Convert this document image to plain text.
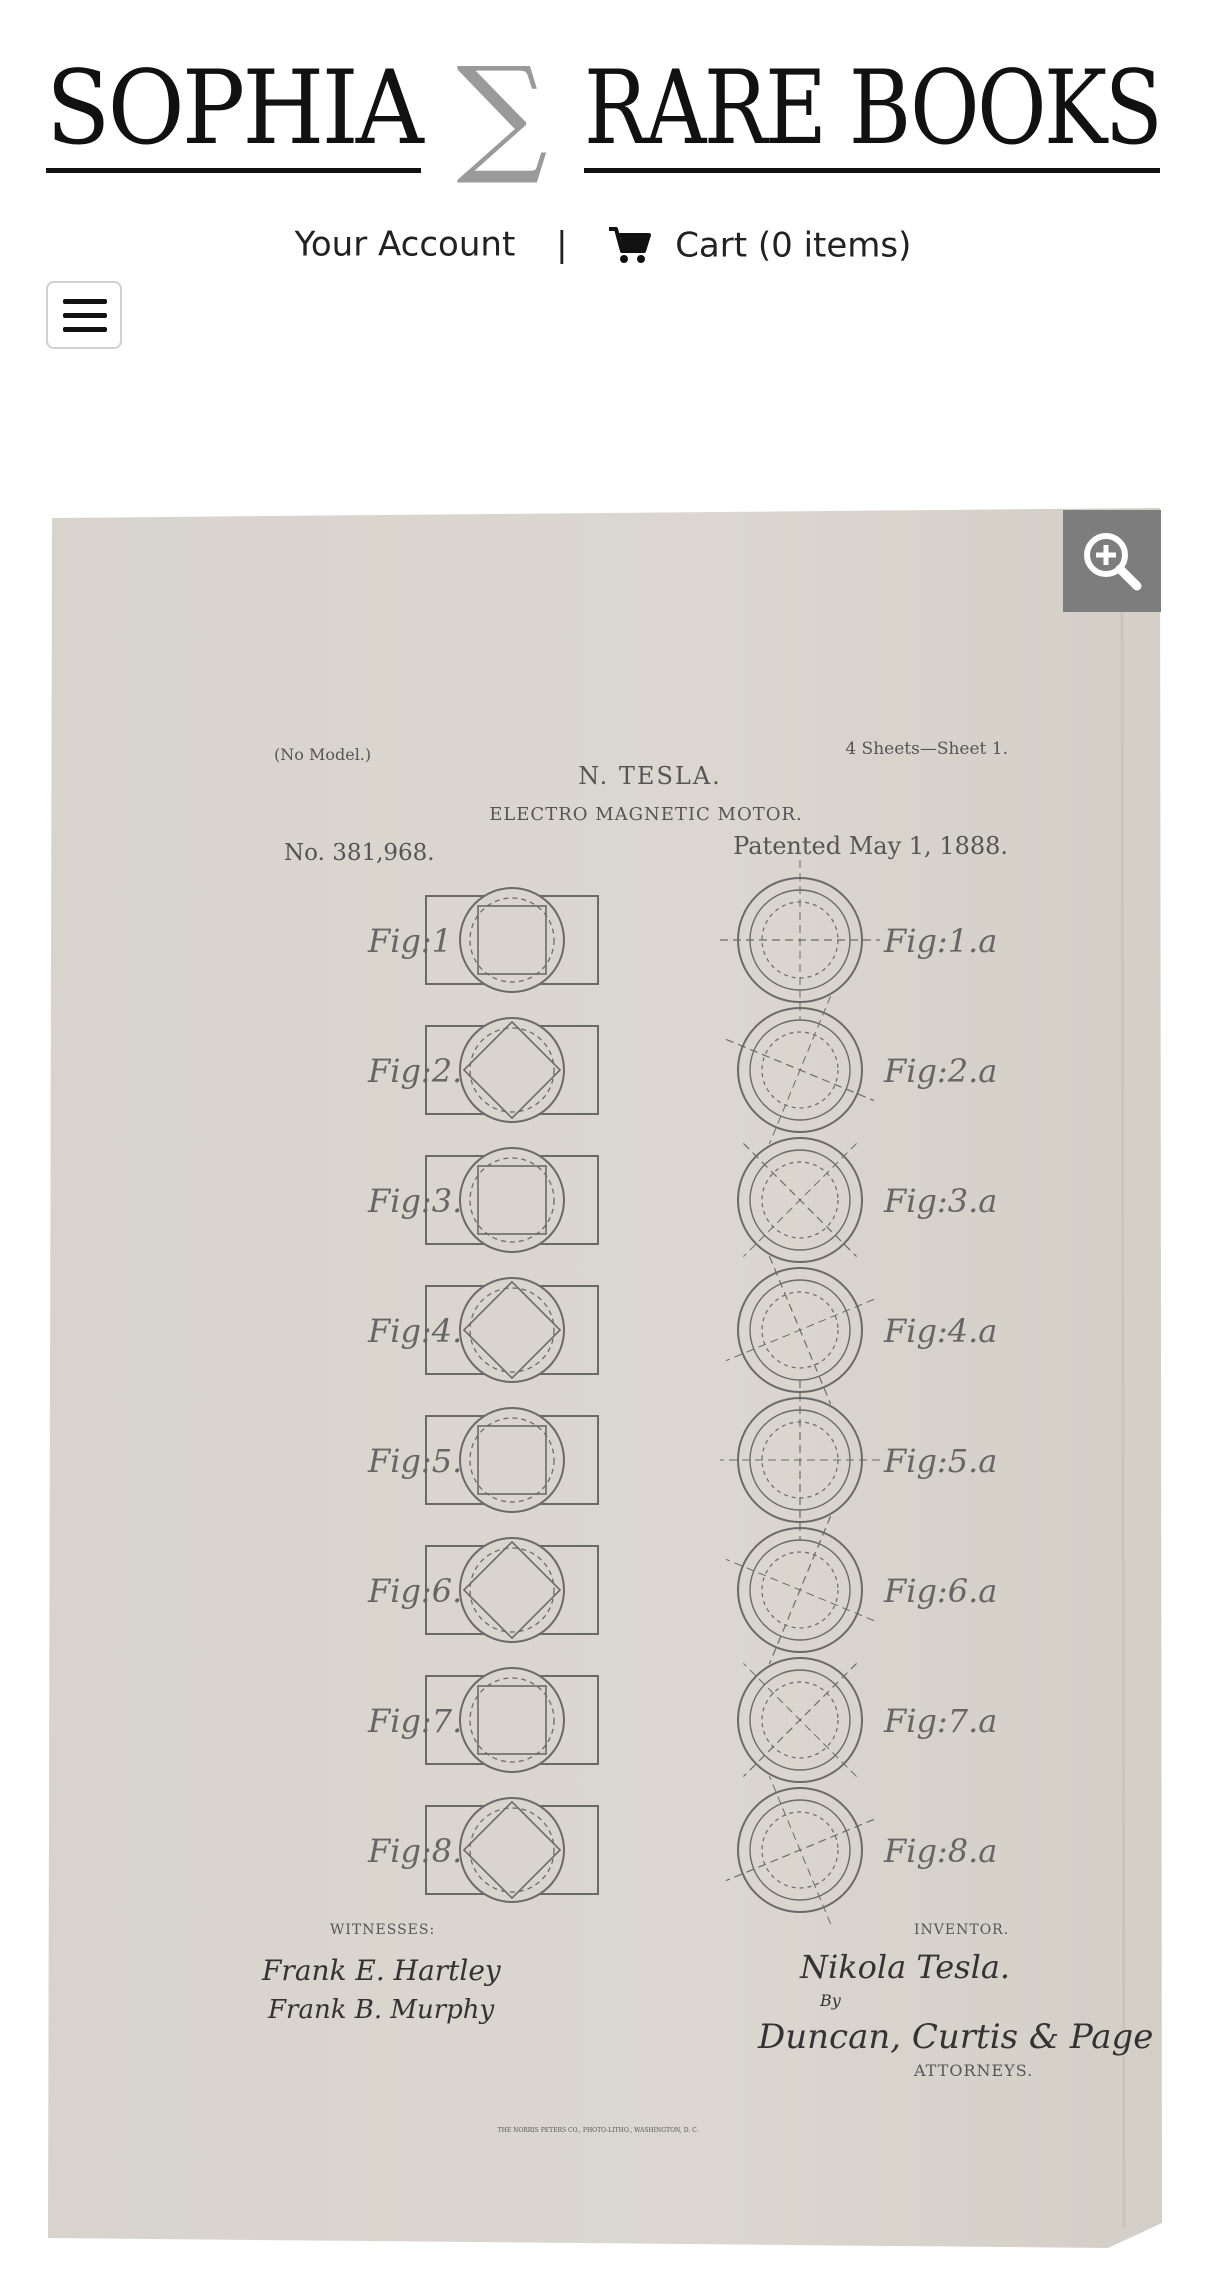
SOPHIA ∑ RARE BOOKS
Your Account |	Cart (0 items)
(No Model.)	4 Sheets—Sheet 1.
N. TESLA.
ELECTRO MAGNETIC MOTOR.
No. 381,968.	Patented May 1, 1888.
Fig:1
Fig:2.
Fig:3.
Fig:4.
Fig:5.
Fig:6.
Fig:7.
Fig:8.
Fig:1.a
Fig:2.a
Fig:3.a
Fig:4.a
Fig:5.a
Fig:6.a
Fig:7.a
Fig:8.a
WITNESSES:
Frank E. Hartley
Frank B. Murphy
INVENTOR.
Nikola Tesla.
By
Duncan, Curtis & Page
ATTORNEYS.
THE NORRIS PETERS CO., PHOTO-LITHO., WASHINGTON, D. C.
